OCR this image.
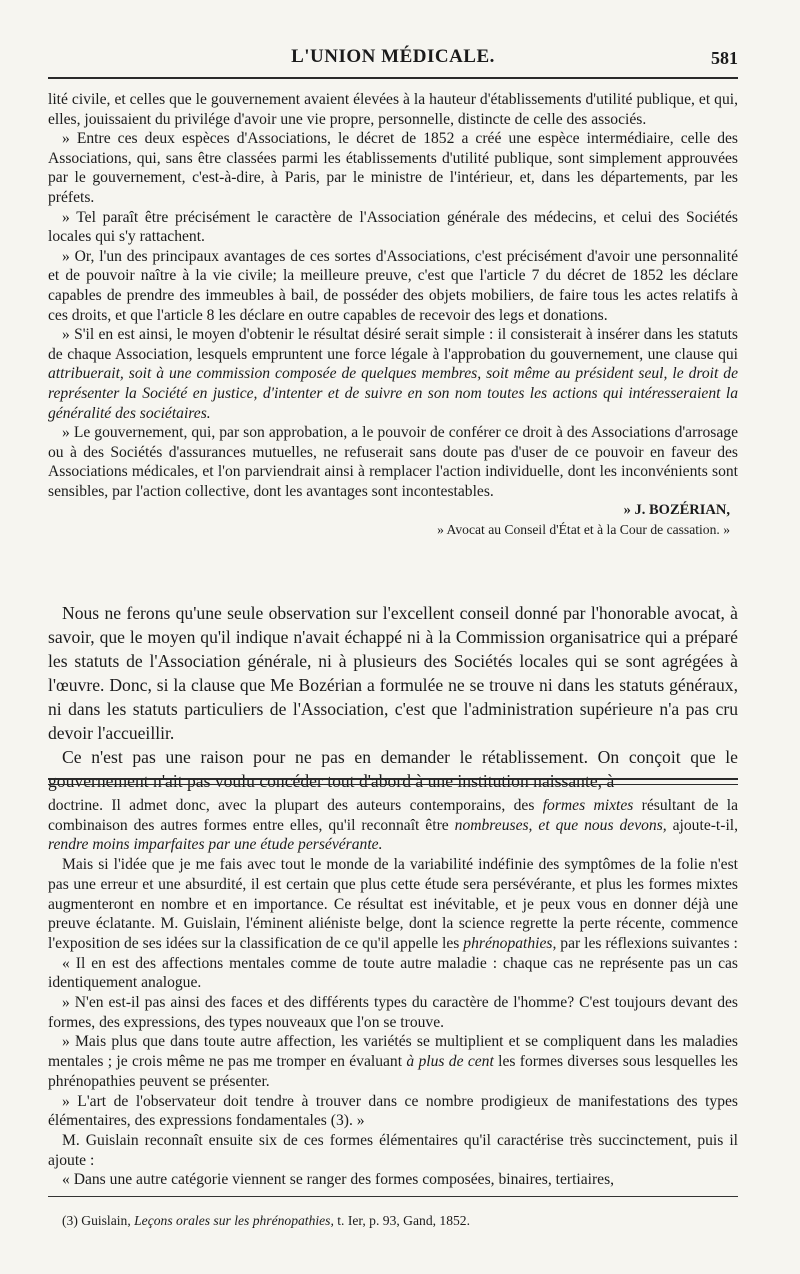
L'UNION MÉDICALE.	581

lité civile, et celles que le gouvernement avaient élevées à la hauteur d'établissements d'utilité publique, et qui, elles, jouissaient du privilége d'avoir une vie propre, personnelle, distincte de celle des associés.

» Entre ces deux espèces d'Associations, le décret de 1852 a créé une espèce intermédiaire, celle des Associations, qui, sans être classées parmi les établissements d'utilité publique, sont simplement approuvées par le gouvernement, c'est-à-dire, à Paris, par le ministre de l'intérieur, et, dans les départements, par les préfets.

» Tel paraît être précisément le caractère de l'Association générale des médecins, et celui des Sociétés locales qui s'y rattachent.

» Or, l'un des principaux avantages de ces sortes d'Associations, c'est précisément d'avoir une personnalité et de pouvoir naître à la vie civile; la meilleure preuve, c'est que l'article 7 du décret de 1852 les déclare capables de prendre des immeubles à bail, de posséder des objets mobiliers, de faire tous les actes relatifs à ces droits, et que l'article 8 les déclare en outre capables de recevoir des legs et donations.

» S'il en est ainsi, le moyen d'obtenir le résultat désiré serait simple : il consisterait à insérer dans les statuts de chaque Association, lesquels empruntent une force légale à l'approbation du gouvernement, une clause qui attribuerait, soit à une commission composée de quelques membres, soit même au président seul, le droit de représenter la Société en justice, d'intenter et de suivre en son nom toutes les actions qui intéresseraient la généralité des sociétaires.

» Le gouvernement, qui, par son approbation, a le pouvoir de conférer ce droit à des Associations d'arrosage ou à des Sociétés d'assurances mutuelles, ne refuserait sans doute pas d'user de ce pouvoir en faveur des Associations médicales, et l'on parviendrait ainsi à remplacer l'action individuelle, dont les inconvénients sont sensibles, par l'action collective, dont les avantages sont incontestables.

» J. BOZÉRIAN,

» Avocat au Conseil d'État et à la Cour de cassation. »

Nous ne ferons qu'une seule observation sur l'excellent conseil donné par l'honorable avocat, à savoir, que le moyen qu'il indique n'avait échappé ni à la Commission organisatrice qui a préparé les statuts de l'Association générale, ni à plusieurs des Sociétés locales qui se sont agrégées à l'œuvre. Donc, si la clause que Me Bozérian a formulée ne se trouve ni dans les statuts généraux, ni dans les statuts particuliers de l'Association, c'est que l'administration supérieure n'a pas cru devoir l'accueillir.

Ce n'est pas une raison pour ne pas en demander le rétablissement. On conçoit que le gouvernement n'ait pas voulu concéder tout d'abord à une institution naissante, à

doctrine. Il admet donc, avec la plupart des auteurs contemporains, des formes mixtes résultant de la combinaison des autres formes entre elles, qu'il reconnaît être nombreuses, et que nous devons, ajoute-t-il, rendre moins imparfaites par une étude persévérante.

Mais si l'idée que je me fais avec tout le monde de la variabilité indéfinie des symptômes de la folie n'est pas une erreur et une absurdité, il est certain que plus cette étude sera persévérante, et plus les formes mixtes augmenteront en nombre et en importance. Ce résultat est inévitable, et je peux vous en donner déjà une preuve éclatante. M. Guislain, l'éminent aliéniste belge, dont la science regrette la perte récente, commence l'exposition de ses idées sur la classification de ce qu'il appelle les phrénopathies, par les réflexions suivantes :

« Il en est des affections mentales comme de toute autre maladie : chaque cas ne représente pas un cas identiquement analogue.

» N'en est-il pas ainsi des faces et des différents types du caractère de l'homme? C'est toujours devant des formes, des expressions, des types nouveaux que l'on se trouve.

» Mais plus que dans toute autre affection, les variétés se multiplient et se compliquent dans les maladies mentales ; je crois même ne pas me tromper en évaluant à plus de cent les formes diverses sous lesquelles les phrénopathies peuvent se présenter.

» L'art de l'observateur doit tendre à trouver dans ce nombre prodigieux de manifestations des types élémentaires, des expressions fondamentales (3). »

M. Guislain reconnaît ensuite six de ces formes élémentaires qu'il caractérise très succinctement, puis il ajoute :

« Dans une autre catégorie viennent se ranger des formes composées, binaires, tertiaires,

(3) Guislain, Leçons orales sur les phrénopathies, t. Ier, p. 93, Gand, 1852.
